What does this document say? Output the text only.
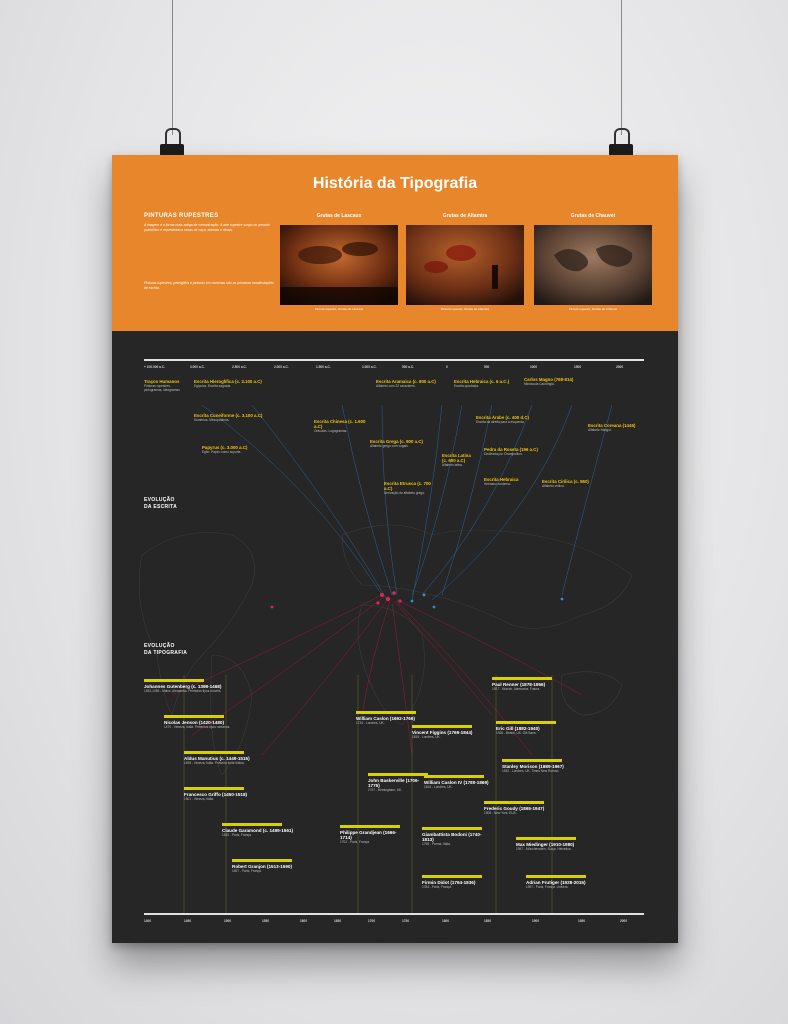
História da Tipografia
PINTURAS RUPESTRES
A imagem é a forma mais antiga de comunicação. A arte rupestre surgiu no período paleolítico e representava cenas de caça, animais e rituais.
Pinturas rupestres, petróglifos e pinturas em cavernas são as primeiras manifestações de escrita.
Grutas de Lascaux
Pintura rupestre, Grutas de Lascaux
Grutas de Altamira
Pintura rupestre, Grutas de Altamira
Grutas de Chauvet
Pintura rupestre, Grutas de Chauvet
+ 100.000 a.C.	3.000 a.C.	2.500 a.C.	2.000 a.C.	1.500 a.C.	1.000 a.C.	500 a.C.	0	500	1000	1500	2000
EVOLUÇÃO
DA ESCRITA
Traços Humanos
Pinturas rupestres, pictogramas, ideogramas
Escrita Hieroglífica (c. 3.100 a.C)
Egípcios. Escrita sagrada.
Escrita Cuneiforme (c. 3.100 a.C)
Sumérios. Mesopotâmia.
Papyrus (c. 3.000 a.C)
Egito. Papiro como suporte.
Escrita Aramaica (c. 800 a.C)
Alfabeto com 22 caracteres.
Escrita Chinesa (c. 1.600 a.C)
Oráculos. Logogramas.
Escrita Grega (c. 800 a.C)
Alfabeto grego com vogais.
Escrita Etrusca (c. 700 a.C)
Derivação do alfabeto grego.
Escrita Hebraica (c. 6 a.C.)
Escrita quadrada.
Escrita Latina (c. 600 a.C)
Alfabeto latino.
Escrita Árabe (c. 400 d.C)
Escrita da direita para a esquerda.
Pedra da Roseta (196 a.C)
Decifrada por Champollion.
Escrita Hebraica
Hebraico moderno.
Carlos Magno (768-814)
Minúscula Carolíngia.
Escrita Cirílica (c. 860)
Alfabeto cirílico.
Escrita Coreana (1446)
Alfabeto Hangul.
EVOLUÇÃO
DA TIPOGRAFIA
Johannes Gutenberg (c. 1398-1468)
1452-1455 - Mainz, Alemanha. Primeiros tipos móveis.
Nicolas Jenson (1420-1480)
1470 - Veneza, Itália. Primeiros tipos romanos.
Aldus Manutius (c. 1449-1515)
1495 - Veneza, Itália. Primeira fonte itálica.
Francesco Griffo (1450-1518)
1501 - Veneza, Itália.
Claude Garamond (c. 1499-1561)
1530 - Paris, França.
Robert Granjon (1513-1590)
1557 - Paris, França.
William Caslon (1692-1766)
1734 - Londres, UK.
John Baskerville (1706-1775)
1757 - Birmingham, UK.
Philippe Grandjean (1666-1714)
1702 - Paris, França.
Giambattista Bodoni (1740-1813)
1798 - Parma, Itália.
Firmin Didot (1764-1836)
1784 - Paris, França.
Vincent Figgins (1766-1844)
1815 - Londres, UK.
William Caslon IV (1780-1869)
1816 - Londres, UK.
Frederic Goudy (1865-1947)
1908 - New York, EUA.
Paul Renner (1878-1956)
1927 - Munich, Alemanha. Futura.
Eric Gill (1882-1940)
1928 - Bristol, UK. Gill Sans.
Stanley Morison (1889-1967)
1932 - Londres, UK. Times New Roman.
Max Miedinger (1910-1980)
1957 - Münchenstein, Suíça. Helvetica.
Adrian Frutiger (1928-2015)
1957 - Paris, França. Univers.
1400	1450	1500	1550	1600	1650	1700	1750	1800	1850	1900	1950	2000
